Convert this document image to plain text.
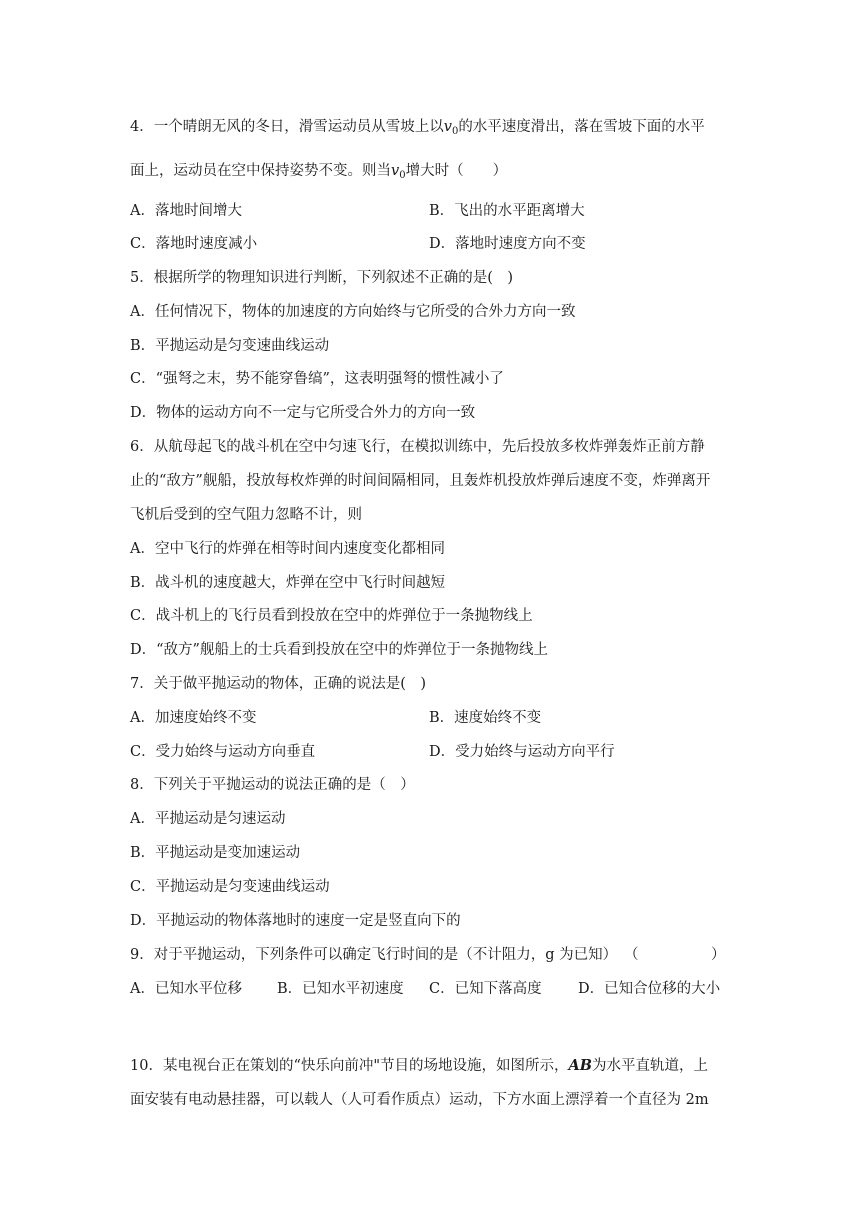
4．一个晴朗无风的冬日，滑雪运动员从雪坡上以$v_0$的水平速度滑出，落在雪坡下面的水平
面上，运动员在空中保持姿势不变。则当$v_0$增大时（　　）
A．落地时间增大	B．飞出的水平距离增大
C．落地时速度减小	D．落地时速度方向不变
5．根据所学的物理知识进行判断，下列叙述不正确的是(　)
A．任何情况下，物体的加速度的方向始终与它所受的合外力方向一致
B．平抛运动是匀变速曲线运动
C．“强弩之末，势不能穿鲁缟”，这表明强弩的惯性减小了
D．物体的运动方向不一定与它所受合外力的方向一致
6．从航母起飞的战斗机在空中匀速飞行，在模拟训练中，先后投放多枚炸弹轰炸正前方静
止的“敌方”舰船，投放每枚炸弹的时间间隔相同，且轰炸机投放炸弹后速度不变，炸弹离开
飞机后受到的空气阻力忽略不计，则
A．空中飞行的炸弹在相等时间内速度变化都相同
B．战斗机的速度越大，炸弹在空中飞行时间越短
C．战斗机上的飞行员看到投放在空中的炸弹位于一条抛物线上
D．“敌方”舰船上的士兵看到投放在空中的炸弹位于一条抛物线上
7．关于做平抛运动的物体，正确的说法是(　)
A．加速度始终不变	B．速度始终不变
C．受力始终与运动方向垂直	D．受力始终与运动方向平行
8．下列关于平抛运动的说法正确的是（　）
A．平抛运动是匀速运动
B．平抛运动是变加速运动
C．平抛运动是匀变速曲线运动
D．平抛运动的物体落地时的速度一定是竖直向下的
9．对于平抛运动，下列条件可以确定飞行时间的是（不计阻力，g 为已知） （　　　　　）
A．已知水平位移 B．已知水平初速度 C．已知下落高度	D．已知合位移的大小
10．某电视台正在策划的“快乐向前冲"节目的场地设施，如图所示，AB为水平直轨道，上
面安装有电动悬挂器，可以载人（人可看作质点）运动，下方水面上漂浮着一个直径为 2m
